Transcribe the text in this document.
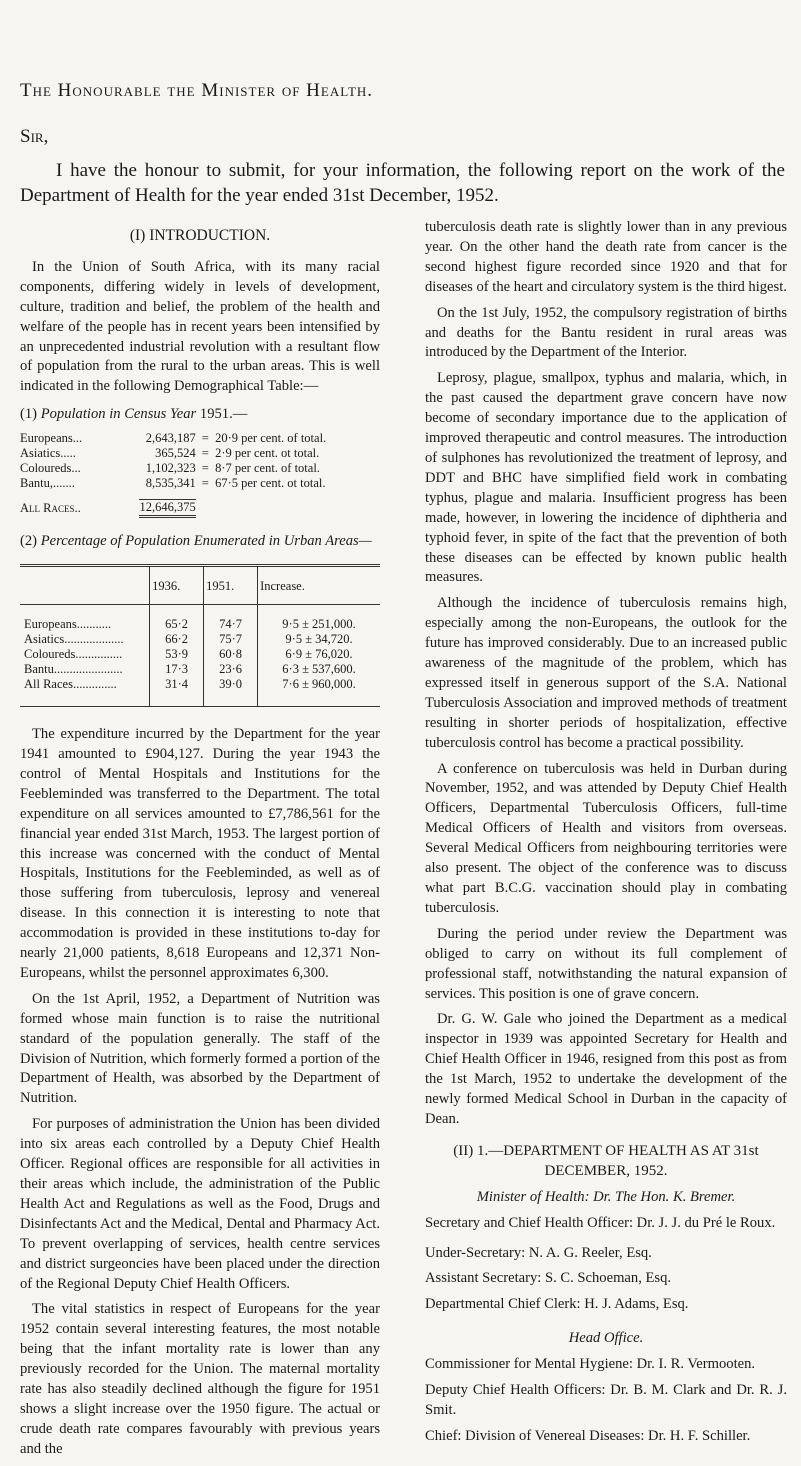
The Honourable the Minister of Health.

Sir,

I have the honour to submit, for your information, the following report on the work of the Department of Health for the year ended 31st December, 1952.

(I) INTRODUCTION.

In the Union of South Africa, with its many racial components, differing widely in levels of development, culture, tradition and belief, the problem of the health and welfare of the people has in recent years been intensified by an unprecedented industrial revolution with a resultant flow of population from the rural to the urban areas. This is well indicated in the following Demographical Table:—

(1) Population in Census Year 1951.—

Europeans...	2,643,187	=	20·9 per cent. of total.
Asiatics.....	365,524	=	2·9 per cent. ot total.
Coloureds...	1,102,323	=	8·7 per cent. of total.
Bantu,.......	8,535,341	=	67·5 per cent. ot total.
All Races..	12,646,375		

(2) Percentage of Population Enumerated in Urban Areas—

	1936.	1951.	Increase.
Europeans...........	65·2	74·7	9·5 ± 251,000.
Asiatics...................	66·2	75·7	9·5 ± 34,720.
Coloureds...............	53·9	60·8	6·9 ± 76,020.
Bantu......................	17·3	23·6	6·3 ± 537,600.
All Races..............	31·4	39·0	7·6 ± 960,000.

The expenditure incurred by the Department for the year 1941 amounted to £904,127. During the year 1943 the control of Mental Hospitals and Institutions for the Feebleminded was transferred to the Department. The total expenditure on all services amounted to £7,786,561 for the financial year ended 31st March, 1953. The largest portion of this increase was concerned with the conduct of Mental Hospitals, Institutions for the Feebleminded, as well as of those suffering from tuberculosis, leprosy and venereal disease. In this connection it is interesting to note that accommodation is provided in these institutions to-day for nearly 21,000 patients, 8,618 Europeans and 12,371 Non-Europeans, whilst the personnel approximates 6,300.

On the 1st April, 1952, a Department of Nutrition was formed whose main function is to raise the nutritional standard of the population generally. The staff of the Division of Nutrition, which formerly formed a portion of the Department of Health, was absorbed by the Department of Nutrition.

For purposes of administration the Union has been divided into six areas each controlled by a Deputy Chief Health Officer. Regional offices are responsible for all activities in their areas which include, the administration of the Public Health Act and Regulations as well as the Food, Drugs and Disinfectants Act and the Medical, Dental and Pharmacy Act. To prevent overlapping of services, health centre services and district surgeoncies have been placed under the direction of the Regional Deputy Chief Health Officers.

The vital statistics in respect of Europeans for the year 1952 contain several interesting features, the most notable being that the infant mortality rate is lower than any previously recorded for the Union. The maternal mortality rate has also steadily declined although the figure for 1951 shows a slight increase over the 1950 figure. The actual or crude death rate compares favourably with previous years and the

tuberculosis death rate is slightly lower than in any previous year. On the other hand the death rate from cancer is the second highest figure recorded since 1920 and that for diseases of the heart and circulatory system is the third higest.

On the 1st July, 1952, the compulsory registration of births and deaths for the Bantu resident in rural areas was introduced by the Department of the Interior.

Leprosy, plague, smallpox, typhus and malaria, which, in the past caused the department grave concern have now become of secondary importance due to the application of improved therapeutic and control measures. The introduction of sulphones has revolutionized the treatment of leprosy, and DDT and BHC have simplified field work in combating typhus, plague and malaria. Insufficient progress has been made, however, in lowering the incidence of diphtheria and typhoid fever, in spite of the fact that the prevention of both these diseases can be effected by known public health measures.

Although the incidence of tuberculosis remains high, especially among the non-Europeans, the outlook for the future has improved considerably. Due to an increased public awareness of the magnitude of the problem, which has expressed itself in generous support of the S.A. National Tuberculosis Association and improved methods of treatment resulting in shorter periods of hospitalization, effective tuberculosis control has become a practical possibility.

A conference on tuberculosis was held in Durban during November, 1952, and was attended by Deputy Chief Health Officers, Departmental Tuberculosis Officers, full-time Medical Officers of Health and visitors from overseas. Several Medical Officers from neighbouring territories were also present. The object of the conference was to discuss what part B.C.G. vaccination should play in combating tuberculosis.

During the period under review the Department was obliged to carry on without its full complement of professional staff, notwithstanding the natural expansion of services. This position is one of grave concern.

Dr. G. W. Gale who joined the Department as a medical inspector in 1939 was appointed Secretary for Health and Chief Health Officer in 1946, resigned from this post as from the 1st March, 1952 to undertake the development of the newly formed Medical School in Durban in the capacity of Dean.

(II) 1.—DEPARTMENT OF HEALTH AS AT 31st DECEMBER, 1952.

Minister of Health: Dr. The Hon. K. Bremer.

Secretary and Chief Health Officer: Dr. J. J. du Pré le Roux.

Under-Secretary: N. A. G. Reeler, Esq.

Assistant Secretary: S. C. Schoeman, Esq.

Departmental Chief Clerk: H. J. Adams, Esq.

Head Office.

Commissioner for Mental Hygiene: Dr. I. R. Vermooten.

Deputy Chief Health Officers: Dr. B. M. Clark and Dr. R. J. Smit.

Chief: Division of Venereal Diseases: Dr. H. F. Schiller.
